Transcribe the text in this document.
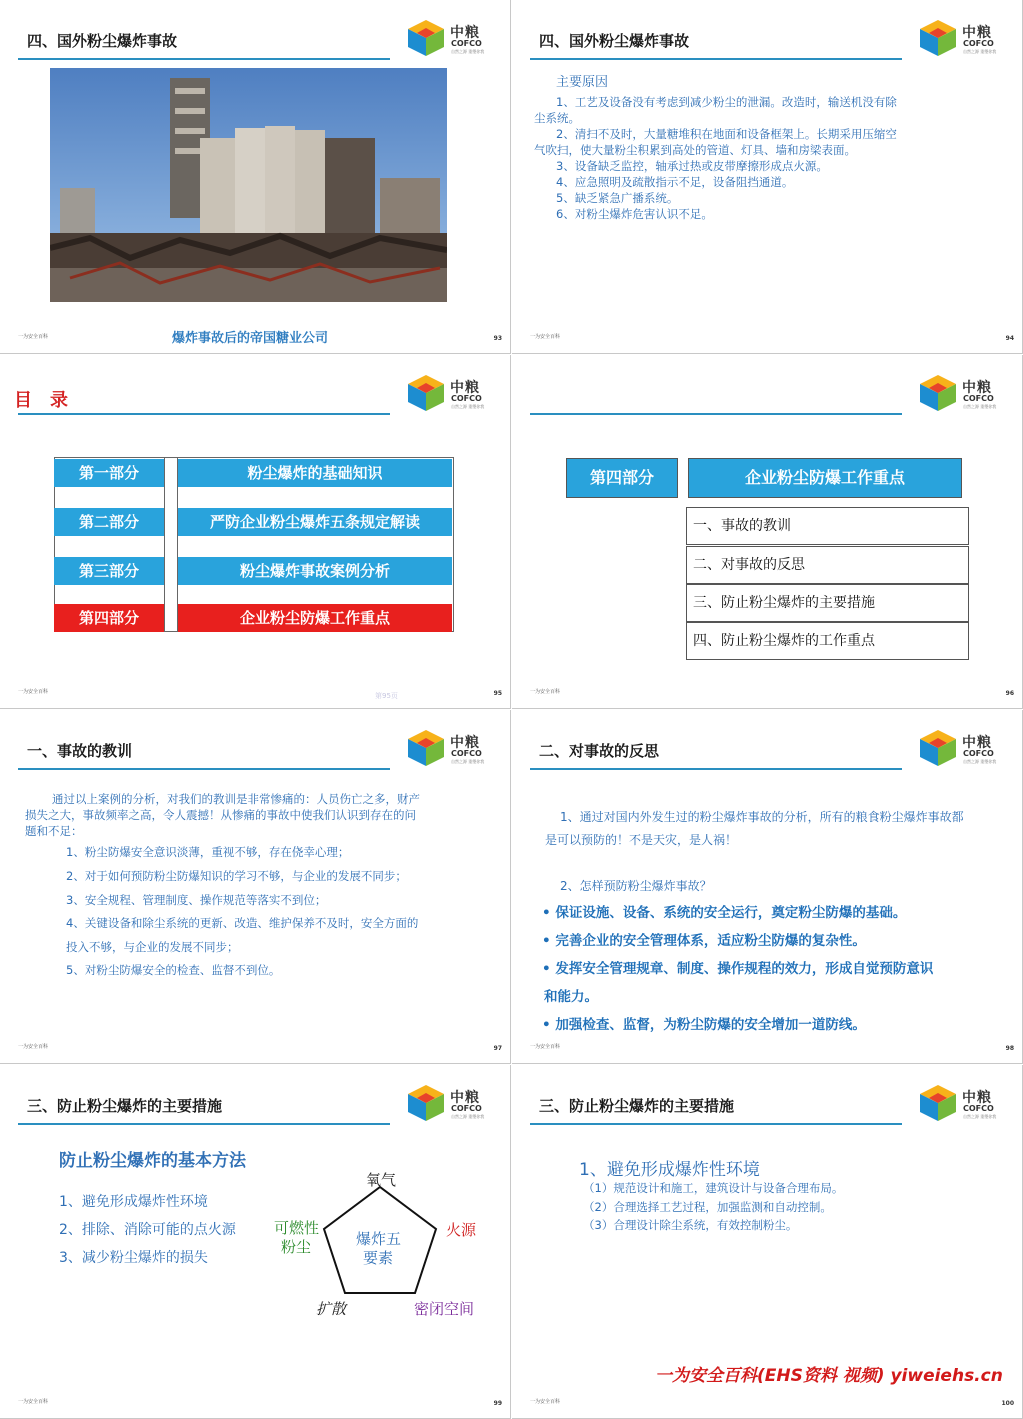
四、国外粉尘爆炸事故	中粮
COFCO
自然之源 重塑你我
爆炸事故后的帝国糖业公司
一为安全百科	93
四、国外粉尘爆炸事故	中粮
COFCO
自然之源 重塑你我
主要原因
1、工艺及设备没有考虑到减少粉尘的泄漏。改造时，输送机没有除
尘系统。
2、清扫不及时，大量糖堆积在地面和设备框架上。长期采用压缩空
气吹扫，使大量粉尘积累到高处的管道、灯具、墙和房梁表面。
3、设备缺乏监控，轴承过热或皮带摩擦形成点火源。
4、应急照明及疏散指示不足，设备阻挡通道。
5、缺乏紧急广播系统。
6、对粉尘爆炸危害认识不足。
一为安全百科	94
目　录
中粮
COFCO
自然之源 重塑你我
第一部分	粉尘爆炸的基础知识
第二部分	严防企业粉尘爆炸五条规定解读
第三部分	粉尘爆炸事故案例分析
第四部分	企业粉尘防爆工作重点
第95页
一为安全百科	95
中粮
COFCO
自然之源 重塑你我
第四部分	企业粉尘防爆工作重点
一、事故的教训
二、对事故的反思
三、防止粉尘爆炸的主要措施
四、防止粉尘爆炸的工作重点
一为安全百科	96
一、事故的教训	中粮
COFCO
自然之源 重塑你我
通过以上案例的分析，对我们的教训是非常惨痛的：人员伤亡之多，财产
损失之大，事故频率之高，令人震撼！从惨痛的事故中使我们认识到存在的问
题和不足：
1、粉尘防爆安全意识淡薄，重视不够，存在侥幸心理；
2、对于如何预防粉尘防爆知识的学习不够，与企业的发展不同步；
3、安全规程、管理制度、操作规范等落实不到位；
4、关键设备和除尘系统的更新、改造、维护保养不及时，安全方面的
投入不够，与企业的发展不同步；
5、对粉尘防爆安全的检查、监督不到位。
一为安全百科	97
二、对事故的反思	中粮
COFCO
自然之源 重塑你我
1、通过对国内外发生过的粉尘爆炸事故的分析，所有的粮食粉尘爆炸事故都
是可以预防的！不是天灾，是人祸！
2、怎样预防粉尘爆炸事故？
• 保证设施、设备、系统的安全运行，奠定粉尘防爆的基础。
• 完善企业的安全管理体系，适应粉尘防爆的复杂性。
• 发挥安全管理规章、制度、操作规程的效力，形成自觉预防意识
和能力。
• 加强检查、监督，为粉尘防爆的安全增加一道防线。
一为安全百科	98
三、防止粉尘爆炸的主要措施	中粮
COFCO
自然之源 重塑你我
防止粉尘爆炸的基本方法
1、避免形成爆炸性环境
2、排除、消除可能的点火源
3、减少粉尘爆炸的损失
爆炸五
要素
氧气
火源
可燃性
粉尘
扩散	密闭空间
一为安全百科	99
三、防止粉尘爆炸的主要措施	中粮
COFCO
自然之源 重塑你我
1、避免形成爆炸性环境
（1）规范设计和施工，建筑设计与设备合理布局。
（2）合理选择工艺过程，加强监测和自动控制。
（3）合理设计除尘系统，有效控制粉尘。
一为安全百科(EHS资料 视频) yiweiehs.cn
一为安全百科	100
